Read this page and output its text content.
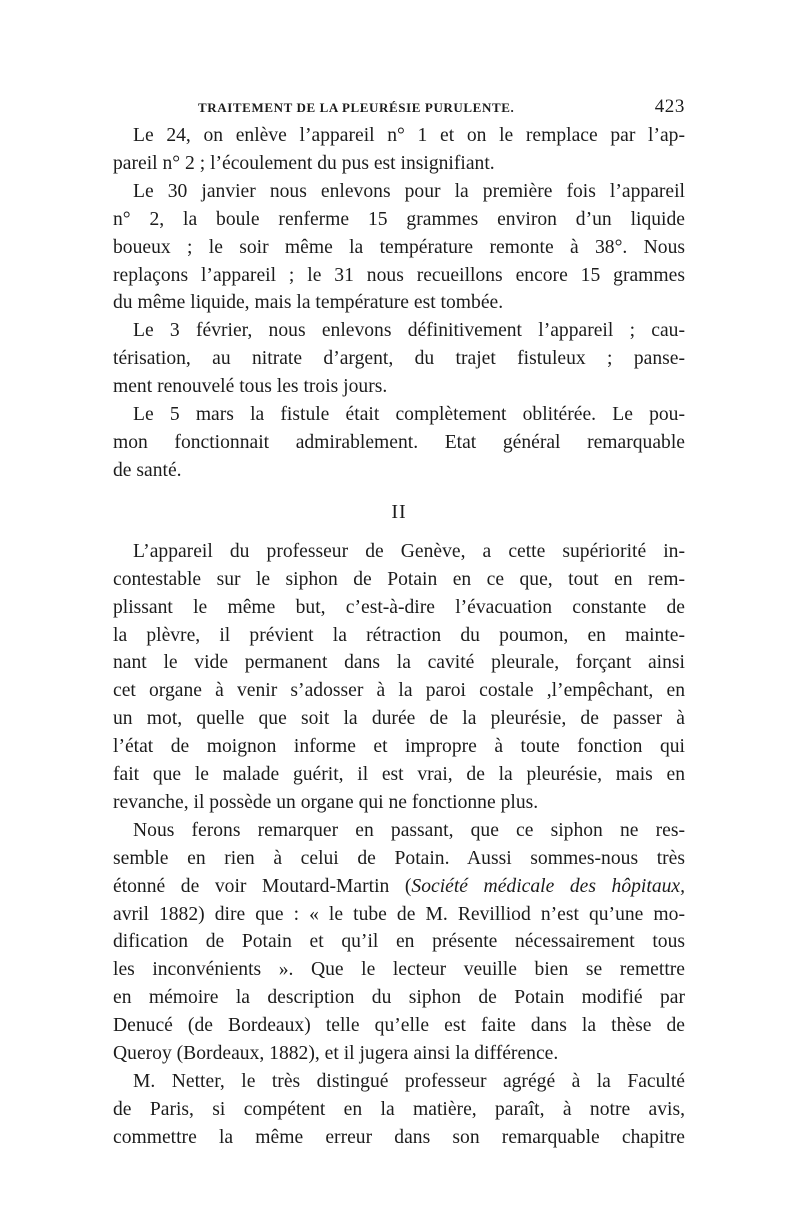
TRAITEMENT DE LA PLEURÉSIE PURULENTE.	423

Le 24, on enlève l’appareil n° 1 et on le remplace par l’ap-
pareil n° 2 ; l’écoulement du pus est insignifiant.

Le 30 janvier nous enlevons pour la première fois l’appareil
n° 2, la boule renferme 15 grammes environ d’un liquide
boueux ; le soir même la température remonte à 38°. Nous
replaçons l’appareil ; le 31 nous recueillons encore 15 grammes
du même liquide, mais la température est tombée.

Le 3 février, nous enlevons définitivement l’appareil ; cau-
térisation, au nitrate d’argent, du trajet fistuleux ; panse-
ment renouvelé tous les trois jours.

Le 5 mars la fistule était complètement oblitérée. Le pou-
mon fonctionnait admirablement. Etat général remarquable
de santé.

II

L’appareil du professeur de Genève, a cette supériorité in-
contestable sur le siphon de Potain en ce que, tout en rem-
plissant le même but, c’est-à-dire l’évacuation constante de
la plèvre, il prévient la rétraction du poumon, en mainte-
nant le vide permanent dans la cavité pleurale, forçant ainsi
cet organe à venir s’adosser à la paroi costale ,l’empêchant, en
un mot, quelle que soit la durée de la pleurésie, de passer à
l’état de moignon informe et impropre à toute fonction qui
fait que le malade guérit, il est vrai, de la pleurésie, mais en
revanche, il possède un organe qui ne fonctionne plus.

Nous ferons remarquer en passant, que ce siphon ne res-
semble en rien à celui de Potain. Aussi sommes-nous très
étonné de voir Moutard-Martin (Société médicale des hôpitaux,
avril 1882) dire que : « le tube de M. Revilliod n’est qu’une mo-
dification de Potain et qu’il en présente nécessairement tous
les inconvénients ». Que le lecteur veuille bien se remettre
en mémoire la description du siphon de Potain modifié par
Denucé (de Bordeaux) telle qu’elle est faite dans la thèse de
Queroy (Bordeaux, 1882), et il jugera ainsi la différence.

M. Netter, le très distingué professeur agrégé à la Faculté
de Paris, si compétent en la matière, paraît, à notre avis,
commettre la même erreur dans son remarquable chapitre
